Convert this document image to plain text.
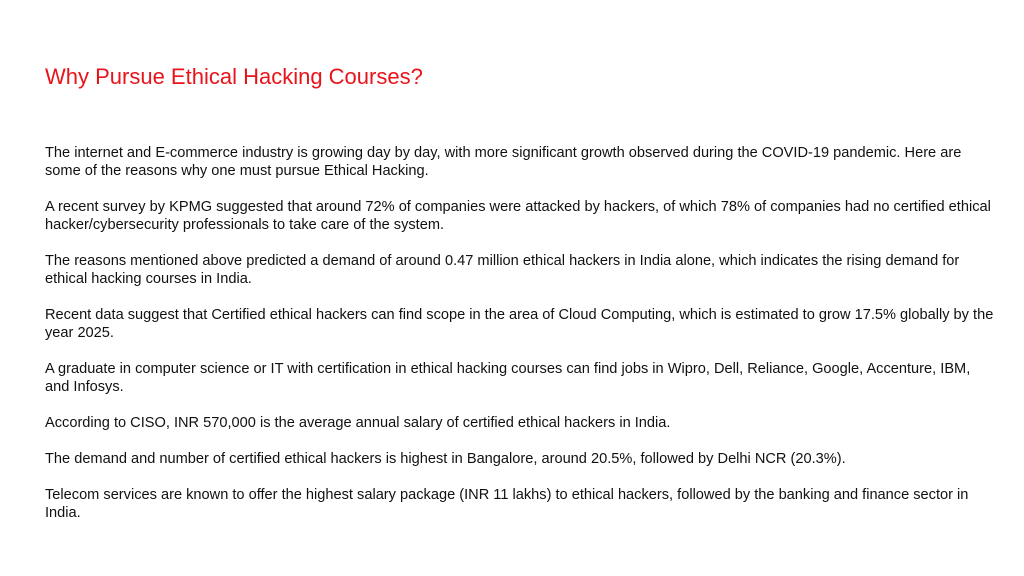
Why Pursue Ethical Hacking Courses?

The internet and E-commerce industry is growing day by day, with more significant growth observed during the COVID-19 pandemic. Here are some of the reasons why one must pursue Ethical Hacking.

A recent survey by KPMG suggested that around 72% of companies were attacked by hackers, of which 78% of companies had no certified ethical hacker/cybersecurity professionals to take care of the system.

The reasons mentioned above predicted a demand of around 0.47 million ethical hackers in India alone, which indicates the rising demand for ethical hacking courses in India.

Recent data suggest that Certified ethical hackers can find scope in the area of Cloud Computing, which is estimated to grow 17.5% globally by the year 2025.

A graduate in computer science or IT with certification in ethical hacking courses can find jobs in Wipro, Dell, Reliance, Google, Accenture, IBM, and Infosys.

According to CISO, INR 570,000 is the average annual salary of certified ethical hackers in India.

The demand and number of certified ethical hackers is highest in Bangalore, around 20.5%, followed by Delhi NCR (20.3%).

Telecom services are known to offer the highest salary package (INR 11 lakhs) to ethical hackers, followed by the banking and finance sector in India.
